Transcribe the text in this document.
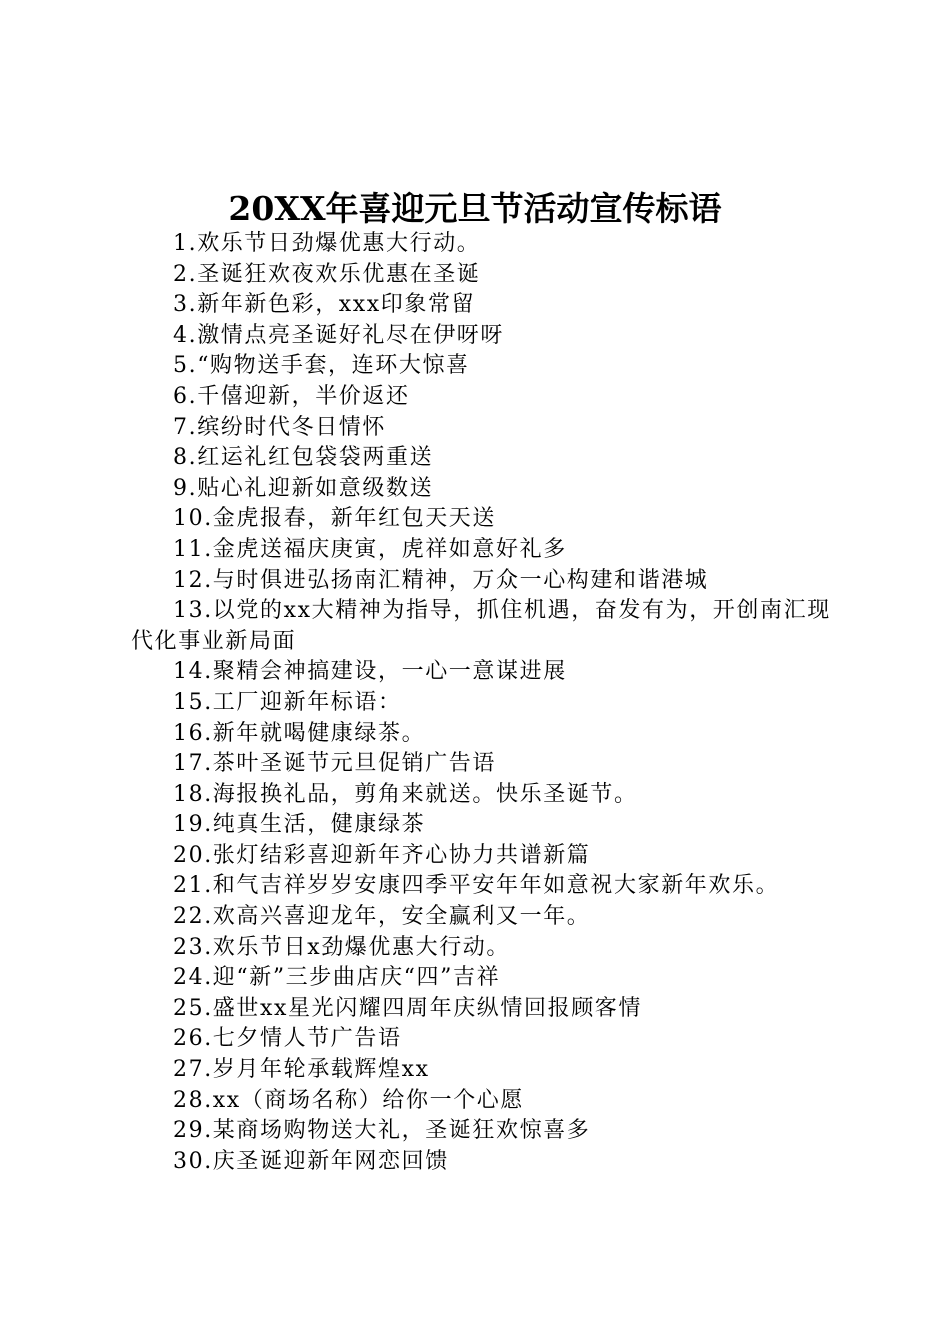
20XX年喜迎元旦节活动宣传标语
1.欢乐节日劲爆优惠大行动。
2.圣诞狂欢夜欢乐优惠在圣诞
3.新年新色彩，xxx印象常留
4.激情点亮圣诞好礼尽在伊呀呀
5.“购物送手套，连环大惊喜
6.千僖迎新，半价返还
7.缤纷时代冬日情怀
8.红运礼红包袋袋两重送
9.贴心礼迎新如意级数送
10.金虎报春，新年红包天天送
11.金虎送福庆庚寅，虎祥如意好礼多
12.与时俱进弘扬南汇精神，万众一心构建和谐港城
13.以党的xx大精神为指导，抓住机遇，奋发有为，开创南汇现代化事业新局面
14.聚精会神搞建设，一心一意谋进展
15.工厂迎新年标语：
16.新年就喝健康绿茶。
17.茶叶圣诞节元旦促销广告语
18.海报换礼品，剪角来就送。快乐圣诞节。
19.纯真生活，健康绿茶
20.张灯结彩喜迎新年齐心协力共谱新篇
21.和气吉祥岁岁安康四季平安年年如意祝大家新年欢乐。
22.欢高兴喜迎龙年，安全赢利又一年。
23.欢乐节日x劲爆优惠大行动。
24.迎“新”三步曲店庆“四”吉祥
25.盛世xx星光闪耀四周年庆纵情回报顾客情
26.七夕情人节广告语
27.岁月年轮承载辉煌xx
28.xx（商场名称）给你一个心愿
29.某商场购物送大礼，圣诞狂欢惊喜多
30.庆圣诞迎新年网恋回馈
